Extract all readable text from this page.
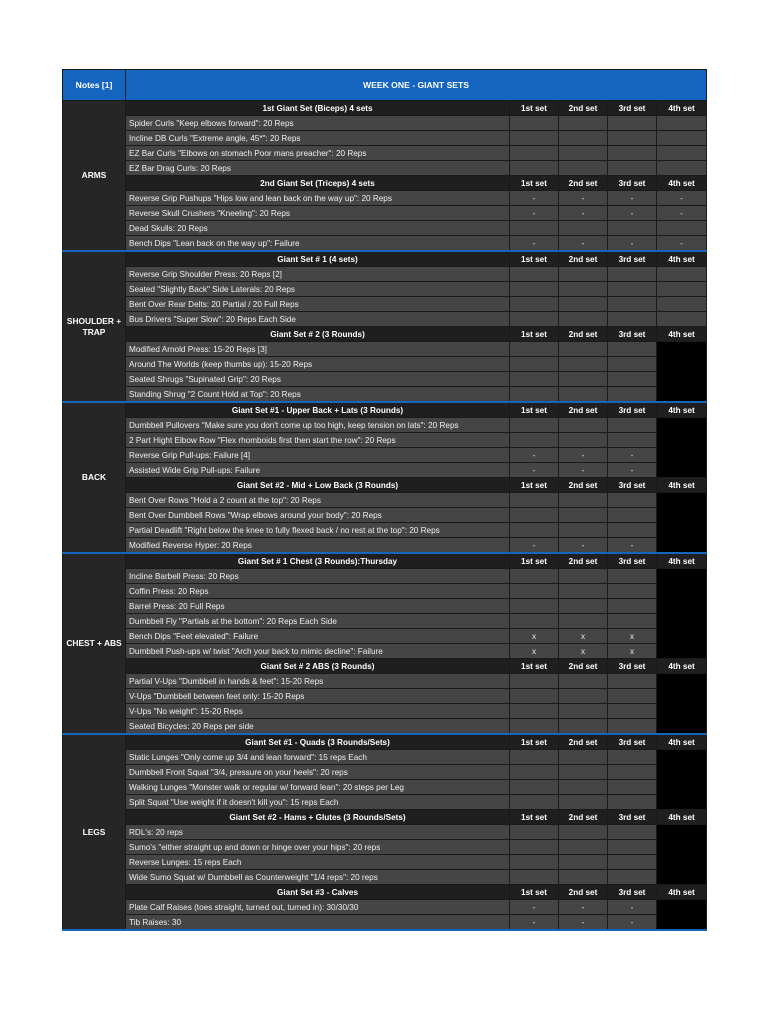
Notes [1]	WEEK ONE - GIANT SETS				
ARMS	1st Giant Set (Biceps) 4 sets	1st set	2nd set	3rd set	4th set
	Spider Curls "Keep elbows forward": 20 Reps				
	Incline DB Curls "Extreme angle, 45*": 20 Reps				
	EZ Bar Curls "Elbows on stomach Poor mans preacher": 20 Reps				
	EZ Bar Drag Curls: 20 Reps				
	2nd Giant Set (Triceps) 4 sets	1st set	2nd set	3rd set	4th set
	Reverse Grip Pushups "Hips low and lean back on the way up": 20 Reps	-	-	-	-
	Reverse Skull Crushers "Kneeling": 20 Reps	-	-	-	-
	Dead Skulls: 20 Reps				
	Bench Dips "Lean back on the way up": Failure	-	-	-	-
SHOULDER + TRAP	Giant Set # 1 (4 sets)	1st set	2nd set	3rd set	4th set
	Reverse Grip Shoulder Press: 20 Reps [2]				
	Seated "Slightly Back" Side Laterals: 20 Reps				
	Bent Over Rear Delts: 20 Partial / 20 Full Reps				
	Bus Drivers "Super Slow": 20 Reps Each Side				
	Giant Set # 2 (3 Rounds)	1st set	2nd set	3rd set	4th set
	Modified Arnold Press: 15-20 Reps [3]				
	Around The Worlds (keep thumbs up): 15-20 Reps				
	Seated Shrugs "Supinated Grip": 20 Reps				
	Standing Shrug "2 Count Hold at Top": 20 Reps				
BACK	Giant Set #1 - Upper Back + Lats (3 Rounds)	1st set	2nd set	3rd set	4th set
	Dumbbell Pullovers "Make sure you don't come up too high, keep tension on lats": 20 Reps				
	2 Part Hight Elbow Row "Flex rhomboids first then start the row": 20 Reps				
	Reverse Grip Pull-ups: Failure [4]	-	-	-	
	Assisted Wide Grip Pull-ups: Failure	-	-	-	
	Giant Set #2 - Mid + Low Back (3 Rounds)	1st set	2nd set	3rd set	4th set
	Bent Over Rows "Hold a 2 count at the top": 20 Reps				
	Bent Over Dumbbell Rows "Wrap elbows around your body": 20 Reps				
	Partial Deadlift "Right below the knee to fully flexed back / no rest at the top": 20 Reps				
	Modified Reverse Hyper: 20 Reps	-	-	-	
CHEST + ABS	Giant Set # 1 Chest (3 Rounds):Thursday	1st set	2nd set	3rd set	4th set
	Incline Barbell Press: 20 Reps				
	Coffin Press: 20 Reps				
	Barrel Press: 20 Full Reps				
	Dumbbell Fly "Partials at the bottom": 20 Reps Each Side				
	Bench Dips "Feet elevated": Failure	x	x	x	
	Dumbbell Push-ups w/ twist "Arch your back to mimic decline": Failure	x	x	x	
	Giant Set # 2 ABS (3 Rounds)	1st set	2nd set	3rd set	4th set
	Partial V-Ups "Dumbbell in hands & feet": 15-20 Reps				
	V-Ups "Dumbbell between feet only: 15-20 Reps				
	V-Ups "No weight": 15-20 Reps				
	Seated Bicycles: 20 Reps per side				
LEGS	Giant Set #1 - Quads (3 Rounds/Sets)	1st set	2nd set	3rd set	4th set
	Static Lunges "Only come up 3/4 and lean forward": 15 reps Each				
	Dumbbell Front Squat "3/4, pressure on your heels": 20 reps				
	Walking Lunges "Monster walk or regular w/ forward lean": 20 steps per Leg				
	Split Squat "Use weight if it doesn't kill you": 15 reps Each				
	Giant Set #2 - Hams + Glutes (3 Rounds/Sets)	1st set	2nd set	3rd set	4th set
	RDL's: 20 reps				
	Sumo's "either straight up and down or hinge over your hips": 20 reps				
	Reverse Lunges: 15 reps Each				
	Wide Sumo Squat w/ Dumbbell as Counterweight "1/4 reps": 20 reps				
	Giant Set #3 - Calves	1st set	2nd set	3rd set	4th set
	Plate Calf Raises (toes straight, turned out, turned in): 30/30/30	-	-	-	
	Tib Raises: 30	-	-	-	
